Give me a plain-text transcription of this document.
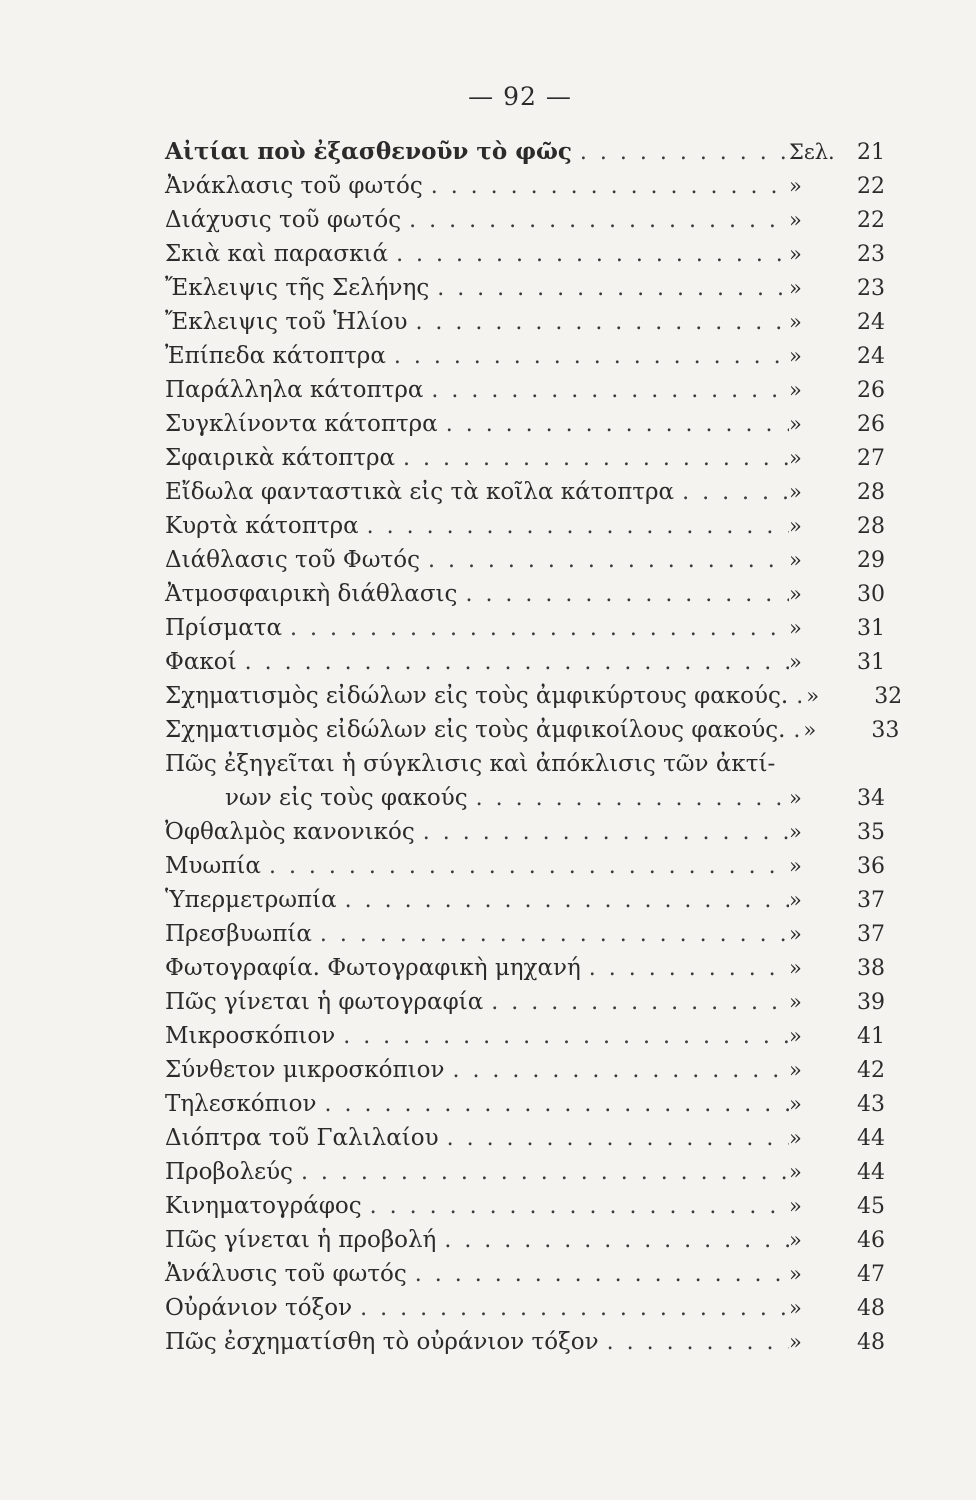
— 92 —
Αἰτίαι ποὺ ἐξασθενοῦν τὸ φῶς . . .	Σελ.	21
Ἀνάκλασις τοῦ φωτός . . .	»	22
Διάχυσις τοῦ φωτός . . .	»	22
Σκιὰ καὶ παρασκιά . . .	»	23
Ἔκλειψις τῆς Σελήνης . . .	»	23
Ἔκλειψις τοῦ Ἡλίου . . .	»	24
Ἐπίπεδα κάτοπτρα . . .	»	24
Παράλληλα κάτοπτρα . . .	»	26
Συγκλίνοντα κάτοπτρα . . .	»	26
Σφαιρικὰ κάτοπτρα . . .	»	27
Εἴδωλα φανταστικὰ εἰς τὰ κοῖλα κάτοπτρα . . .	»	28
Κυρτὰ κάτοπτρα . . .	»	28
Διάθλασις τοῦ Φωτός . . .	»	29
Ἀτμοσφαιρικὴ διάθλασις . . .	»	30
Πρίσματα . . .	»	31
Φακοί . . .	»	31
Σχηματισμὸς εἰδώλων εἰς τοὺς ἀμφικύρτους φακούς. . . . »	32
Σχηματισμὸς εἰδώλων εἰς τοὺς ἀμφικοίλους φακούς. . . . »	33
Πῶς ἐξηγεῖται ἡ σύγκλισις καὶ ἀπόκλισις τῶν ἀκτί-
νων εἰς τοὺς φακούς . . .	»	34
Ὀφθαλμὸς κανονικός . . .	»	35
Μυωπία . . .	»	36
Ὑπερμετρωπία . . .	»	37
Πρεσβυωπία . . .	»	37
Φωτογραφία. Φωτογραφικὴ μηχανή . . .	»	38
Πῶς γίνεται ἡ φωτογραφία . . .	»	39
Μικροσκόπιον . . .	»	41
Σύνθετον μικροσκόπιον . . .	»	42
Τηλεσκόπιον . . .	»	43
Διόπτρα τοῦ Γαλιλαίου . . .	»	44
Προβολεύς . . .	»	44
Κινηματογράφος . . .	»	45
Πῶς γίνεται ἡ προβολή . . .	»	46
Ἀνάλυσις τοῦ φωτός . . .	»	47
Οὐράνιον τόξον . . .	»	48
Πῶς ἐσχηματίσθη τὸ οὐράνιον τόξον . . .	»	48
